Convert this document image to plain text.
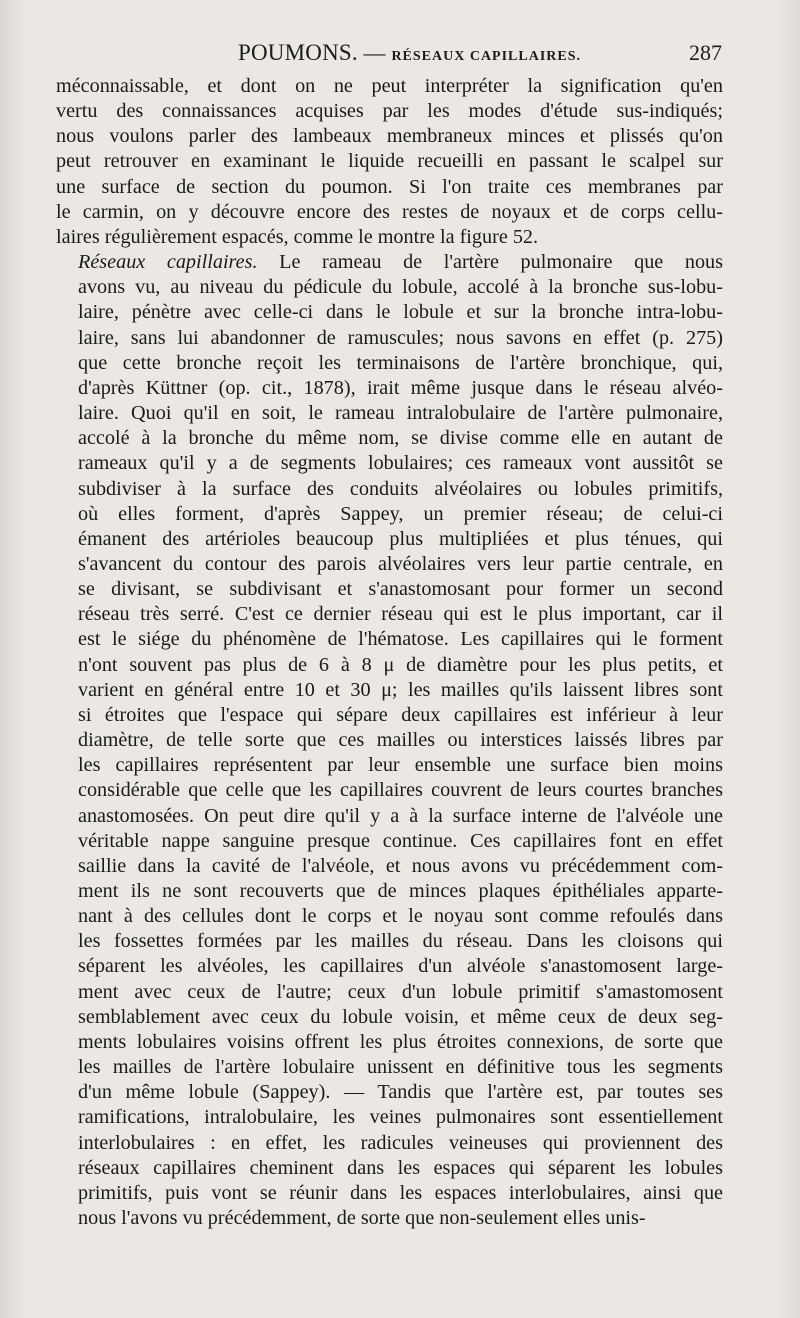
POUMONS. — RÉSEAUX CAPILLAIRES.	287

méconnaissable, et dont on ne peut interpréter la signification qu'en
vertu des connaissances acquises par les modes d'étude sus-indiqués;
nous voulons parler des lambeaux membraneux minces et plissés qu'on
peut retrouver en examinant le liquide recueilli en passant le scalpel sur
une surface de section du poumon. Si l'on traite ces membranes par
le carmin, on y découvre encore des restes de noyaux et de corps cellu-
laires régulièrement espacés, comme le montre la figure 52.

Réseaux capillaires. Le rameau de l'artère pulmonaire que nous
avons vu, au niveau du pédicule du lobule, accolé à la bronche sus-lobu-
laire, pénètre avec celle-ci dans le lobule et sur la bronche intra-lobu-
laire, sans lui abandonner de ramuscules; nous savons en effet (p. 275)
que cette bronche reçoit les terminaisons de l'artère bronchique, qui,
d'après Küttner (op. cit., 1878), irait même jusque dans le réseau alvéo-
laire. Quoi qu'il en soit, le rameau intralobulaire de l'artère pulmonaire,
accolé à la bronche du même nom, se divise comme elle en autant de
rameaux qu'il y a de segments lobulaires; ces rameaux vont aussitôt se
subdiviser à la surface des conduits alvéolaires ou lobules primitifs,
où elles forment, d'après Sappey, un premier réseau; de celui-ci
émanent des artérioles beaucoup plus multipliées et plus ténues, qui
s'avancent du contour des parois alvéolaires vers leur partie centrale, en
se divisant, se subdivisant et s'anastomosant pour former un second
réseau très serré. C'est ce dernier réseau qui est le plus important, car il
est le siége du phénomène de l'hématose. Les capillaires qui le forment
n'ont souvent pas plus de 6 à 8 μ de diamètre pour les plus petits, et
varient en général entre 10 et 30 μ; les mailles qu'ils laissent libres sont
si étroites que l'espace qui sépare deux capillaires est inférieur à leur
diamètre, de telle sorte que ces mailles ou interstices laissés libres par
les capillaires représentent par leur ensemble une surface bien moins
considérable que celle que les capillaires couvrent de leurs courtes branches
anastomosées. On peut dire qu'il y a à la surface interne de l'alvéole une
véritable nappe sanguine presque continue. Ces capillaires font en effet
saillie dans la cavité de l'alvéole, et nous avons vu précédemment com-
ment ils ne sont recouverts que de minces plaques épithéliales apparte-
nant à des cellules dont le corps et le noyau sont comme refoulés dans
les fossettes formées par les mailles du réseau. Dans les cloisons qui
séparent les alvéoles, les capillaires d'un alvéole s'anastomosent large-
ment avec ceux de l'autre; ceux d'un lobule primitif s'amastomosent
semblablement avec ceux du lobule voisin, et même ceux de deux seg-
ments lobulaires voisins offrent les plus étroites connexions, de sorte que
les mailles de l'artère lobulaire unissent en définitive tous les segments
d'un même lobule (Sappey). — Tandis que l'artère est, par toutes ses
ramifications, intralobulaire, les veines pulmonaires sont essentiellement
interlobulaires : en effet, les radicules veineuses qui proviennent des
réseaux capillaires cheminent dans les espaces qui séparent les lobules
primitifs, puis vont se réunir dans les espaces interlobulaires, ainsi que
nous l'avons vu précédemment, de sorte que non-seulement elles unis-
